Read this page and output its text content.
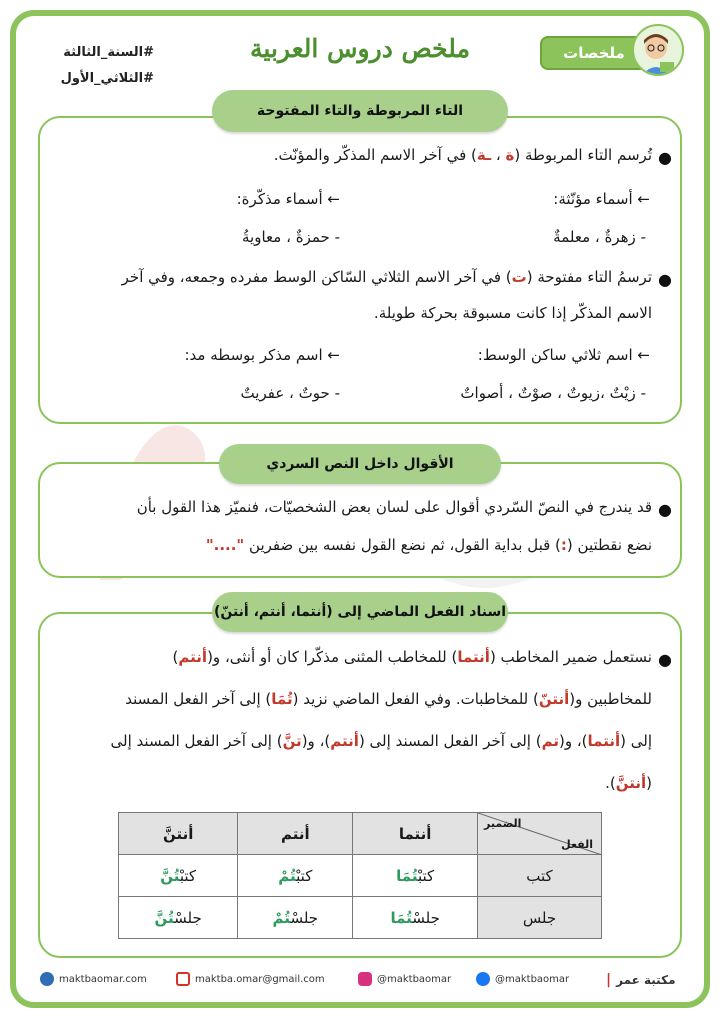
ملخص دروس العربية
#السنة_الثالثة
#الثلاثي_الأول
ملخصات
●
تُرسم التاء المربوطة (ة ، ـة) في آخر الاسم المذكّر والمؤنّث.
← أسماء مؤنّثة:
← أسماء مذكّرة:
- زهرةٌ ، معلمةٌ
- حمزةٌ ، معاويةُ
●
ترسمُ التاء مفتوحة (ت) في آخر الاسم الثلاثي السّاكن الوسط مفرده وجمعه، وفي آخر
الاسم المذكّر إذا كانت مسبوقة بحركة طويلة.
← اسم ثلاثي ساكن الوسط:
← اسم مذكر بوسطه مد:
- زيْتٌ ،زيوتٌ ، صوْتٌ ، أصواتٌ
- حوتٌ ، عفريتٌ
التاء المربوطة والتاء المفتوحة
●
قد يندرج في النصّ السّردي أقوال على لسان بعض الشخصيّات، فنميّز هذا القول بأن
نضع نقطتين (:) قبل بداية القول، ثم نضع القول نفسه بين ضفرين "...."
الأقوال داخل النص السردي
●
نستعمل ضمير المخاطب (أنتما) للمخاطب المثنى مذكّرا كان أو أنثى، و(أنتم)
للمخاطبين و(أنتنّ) للمخاطبات. وفي الفعل الماضي نزيد (تُمَا) إلى آخر الفعل المسند
إلى (أنتما)، و(تم) إلى آخر الفعل المسند إلى (أنتم)، و(تنَّ) إلى آخر الفعل المسند إلى
(أنتنَّ).
اسناد الفعل الماضي إلى (أنتما، أنتم، أنتنّ)
الضمير
الفعل	أنتما	أنتم	أنتنَّ
كتب	كتبْتُمَا	كتبْتُمْ	كتبْتُنَّ
جلس	جلسْتُمَا	جلسْتُمْ	جلسْتُنَّ
maktbaomar.com	maktba.omar@gmail.com	@maktbaomar	@maktbaomar	| مكتبة عمر
